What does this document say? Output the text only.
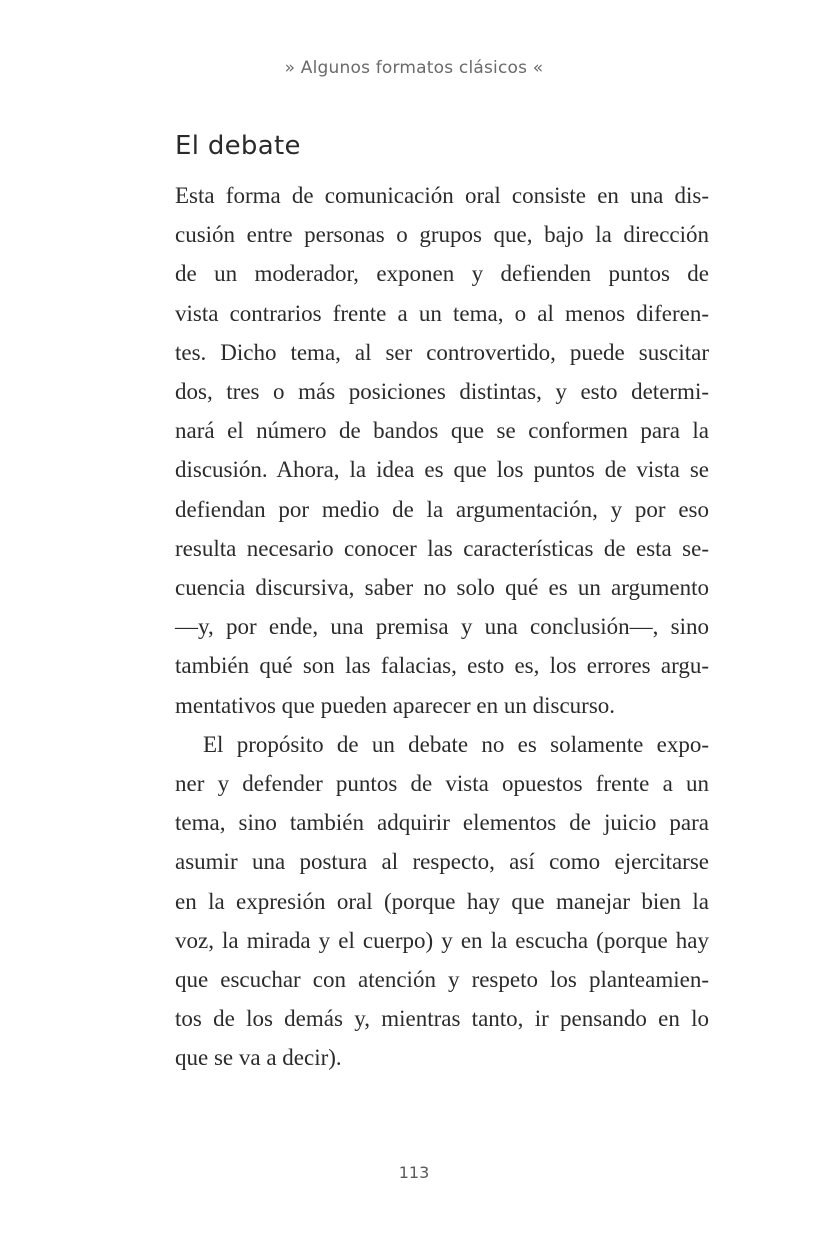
» Algunos formatos clásicos «
El debate
Esta forma de comunicación oral consiste en una dis-
cusión entre personas o grupos que, bajo la dirección
de un moderador, exponen y defienden puntos de
vista contrarios frente a un tema, o al menos diferen-
tes. Dicho tema, al ser controvertido, puede suscitar
dos, tres o más posiciones distintas, y esto determi-
nará el número de bandos que se conformen para la
discusión. Ahora, la idea es que los puntos de vista se
defiendan por medio de la argumentación, y por eso
resulta necesario conocer las características de esta se-
cuencia discursiva, saber no solo qué es un argumento
—y, por ende, una premisa y una conclusión—, sino
también qué son las falacias, esto es, los errores argu-
mentativos que pueden aparecer en un discurso.
El propósito de un debate no es solamente expo-
ner y defender puntos de vista opuestos frente a un
tema, sino también adquirir elementos de juicio para
asumir una postura al respecto, así como ejercitarse
en la expresión oral (porque hay que manejar bien la
voz, la mirada y el cuerpo) y en la escucha (porque hay
que escuchar con atención y respeto los planteamien-
tos de los demás y, mientras tanto, ir pensando en lo
que se va a decir).
113
